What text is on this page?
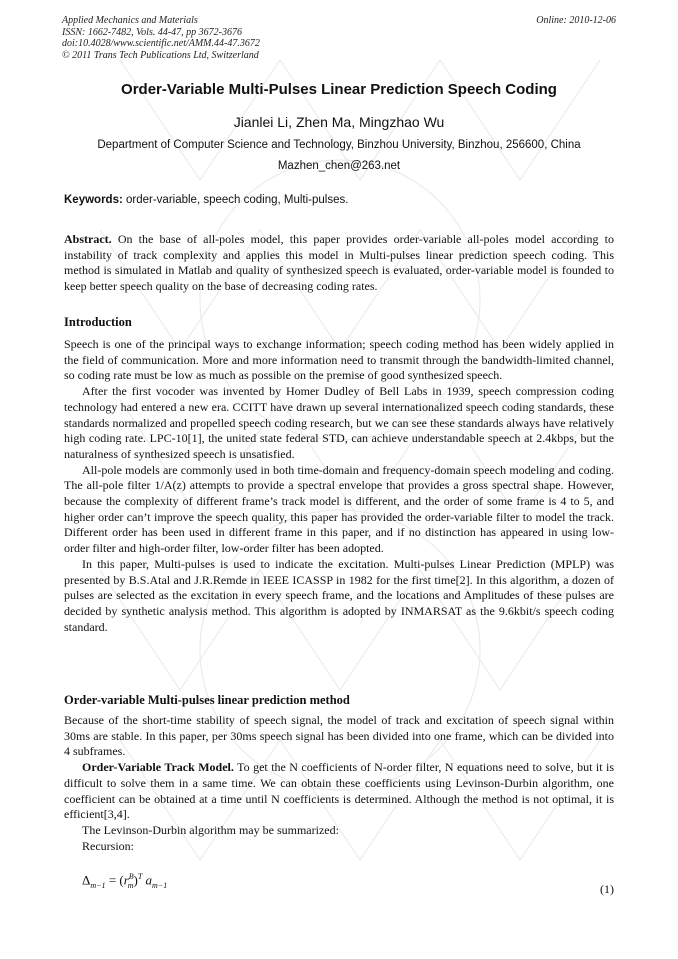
Applied Mechanics and Materials
ISSN: 1662-7482, Vols. 44-47, pp 3672-3676
doi:10.4028/www.scientific.net/AMM.44-47.3672
© 2011 Trans Tech Publications Ltd, Switzerland
Online: 2010-12-06
Order-Variable Multi-Pulses Linear Prediction Speech Coding
Jianlei Li, Zhen Ma, Mingzhao Wu
Department of Computer Science and Technology, Binzhou University, Binzhou, 256600, China
Mazhen_chen@263.net
Keywords: order-variable, speech coding, Multi-pulses.

Abstract. On the base of all-poles model, this paper provides order-variable all-poles model according to instability of track complexity and applies this model in Multi-pulses linear prediction speech coding. This method is simulated in Matlab and quality of synthesized speech is evaluated, order-variable model is founded to keep better speech quality on the base of decreasing coding rates.

Introduction

Speech is one of the principal ways to exchange information; speech coding method has been widely applied in the field of communication. More and more information need to transmit through the bandwidth-limited channel, so coding rate must be low as much as possible on the premise of good synthesized speech.

After the first vocoder was invented by Homer Dudley of Bell Labs in 1939, speech compression coding technology had entered a new era. CCITT have drawn up several internationalized speech coding standards, these standards normalized and propelled speech coding research, but we can see these standards always have relatively high coding rate. LPC-10[1], the united state federal STD, can achieve understandable speech at 2.4kbps, but the naturalness of synthesized speech is unsatisfied.

All-pole models are commonly used in both time-domain and frequency-domain speech modeling and coding. The all-pole filter 1/A(z) attempts to provide a spectral envelope that provides a gross spectral shape. However, because the complexity of different frame’s track model is different, and the order of some frame is 4 to 5, and higher order can’t improve the speech quality, this paper has provided the order-variable filter to model the track. Different order has been used in different frame in this paper, and if no distinction has appeared in using low-order filter and high-order filter, low-order filter has been adopted.

In this paper, Multi-pulses is used to indicate the excitation. Multi-pulses Linear Prediction (MPLP) was presented by B.S.Atal and J.R.Remde in IEEE ICASSP in 1982 for the first time[2]. In this algorithm, a dozen of pulses are selected as the excitation in every speech frame, and the locations and Amplitudes of these pulses are decided by synthetic analysis method. This algorithm is adopted by INMARSAT as the 9.6kbit/s speech coding standard.

Order-variable Multi-pulses linear prediction method

Because of the short-time stability of speech signal, the model of track and excitation of speech signal within 30ms are stable. In this paper, per 30ms speech signal has been divided into one frame, which can be divided into 4 subframes.

Order-Variable Track Model. To get the N coefficients of N-order filter, N equations need to solve, but it is difficult to solve them in a same time. We can obtain these coefficients using Levinson-Durbin algorithm, one coefficient can be obtained at a time until N coefficients is determined. Although the method is not optimal, it is efficient[3,4].

The Levinson-Durbin algorithm may be summarized:

Recursion:

$\Delta_{m-1} = (r^B_m)^T$ $a_{m-1}$	(1)
